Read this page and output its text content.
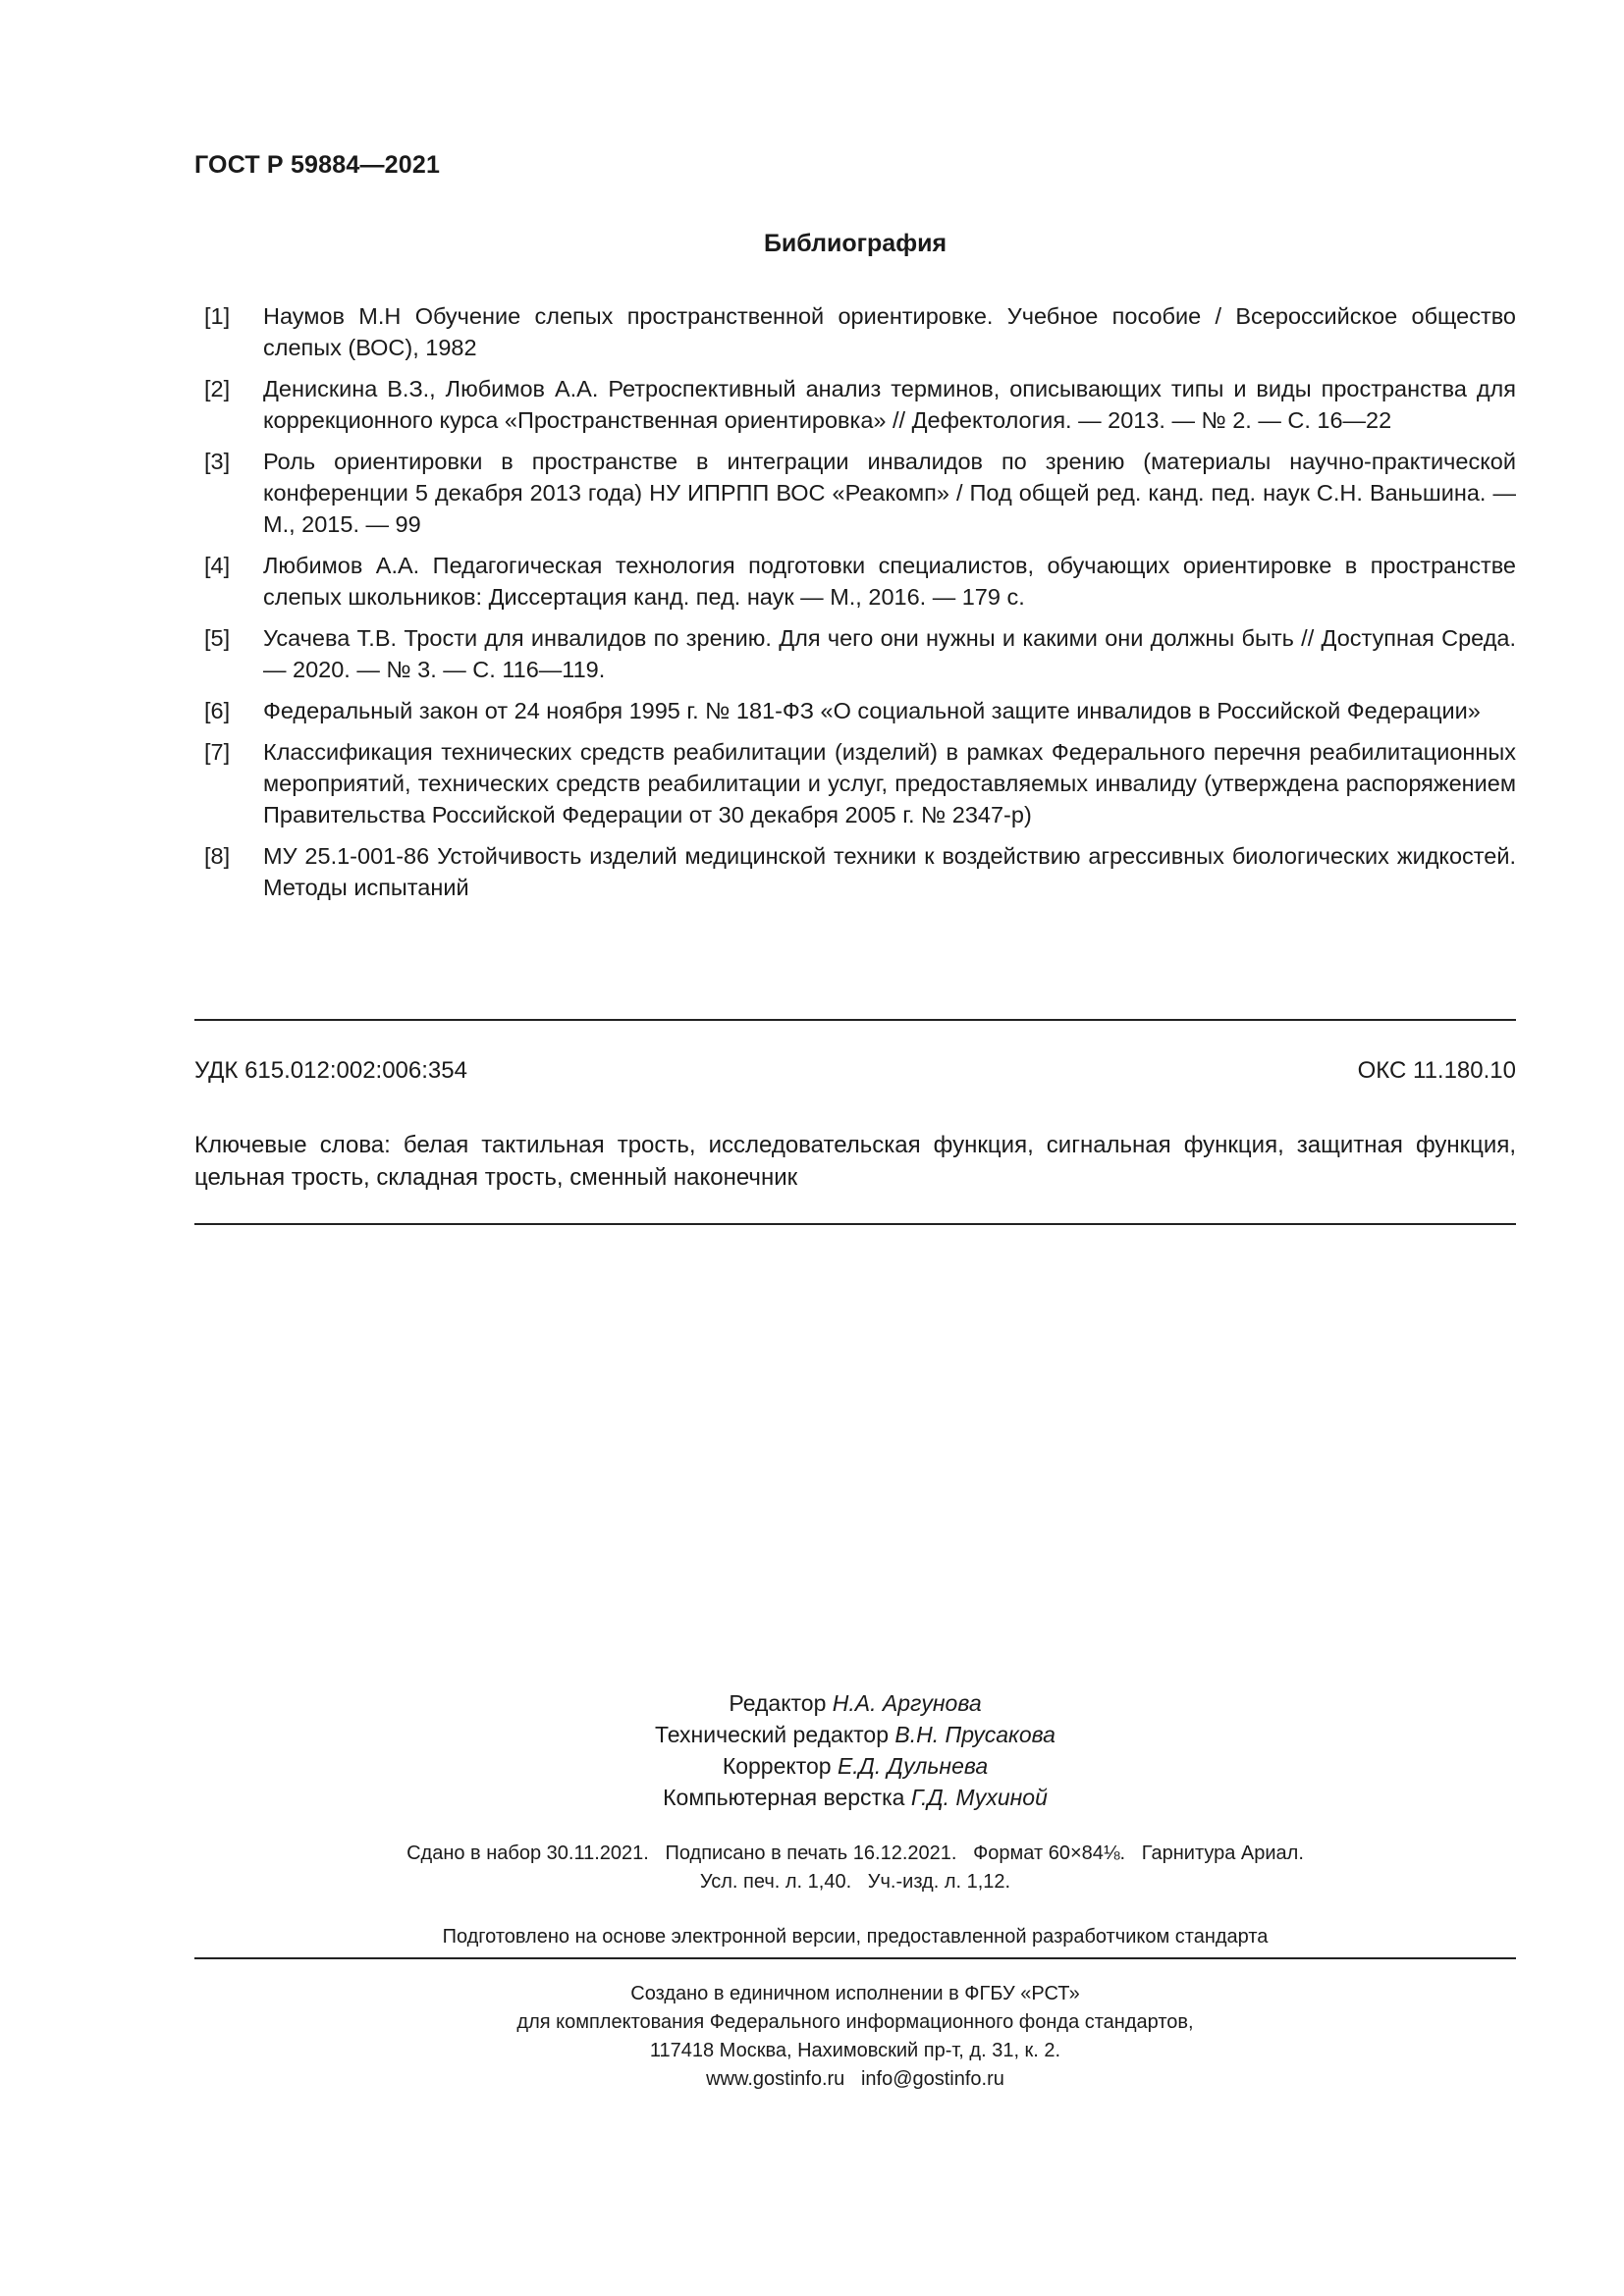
ГОСТ Р 59884—2021
Библиография
[1]	Наумов М.Н Обучение слепых пространственной ориентировке. Учебное пособие / Всероссийское общество слепых (ВОС), 1982
[2]	Денискина В.З., Любимов А.А. Ретроспективный анализ терминов, описывающих типы и виды пространства для коррекционного курса «Пространственная ориентировка» // Дефектология. — 2013. — № 2. — С. 16—22
[3]	Роль ориентировки в пространстве в интеграции инвалидов по зрению (материалы научно-практической конференции 5 декабря 2013 года) НУ ИПРПП ВОС «Реакомп» / Под общей ред. канд. пед. наук С.Н. Ваньшина. — М., 2015. — 99
[4]	Любимов А.А. Педагогическая технология подготовки специалистов, обучающих ориентировке в пространстве слепых школьников: Диссертация канд. пед. наук — М., 2016. — 179 с.
[5]	Усачева Т.В. Трости для инвалидов по зрению. Для чего они нужны и какими они должны быть // Доступная Среда. — 2020. — № 3. — С. 116—119.
[6]	Федеральный закон от 24 ноября 1995 г. № 181-ФЗ «О социальной защите инвалидов в Российской Федерации»
[7]	Классификация технических средств реабилитации (изделий) в рамках Федерального перечня реабилитационных мероприятий, технических средств реабилитации и услуг, предоставляемых инвалиду (утверждена распоряжением Правительства Российской Федерации от 30 декабря 2005 г. № 2347-р)
[8]	МУ 25.1-001-86 Устойчивость изделий медицинской техники к воздействию агрессивных биологических жидкостей. Методы испытаний
УДК 615.012:002:006:354	ОКС 11.180.10
Ключевые слова: белая тактильная трость, исследовательская функция, сигнальная функция, защитная функция, цельная трость, складная трость, сменный наконечник
Редактор Н.А. Аргунова
Технический редактор В.Н. Прусакова
Корректор Е.Д. Дульнева
Компьютерная верстка Г.Д. Мухиной
Сдано в набор 30.11.2021.   Подписано в печать 16.12.2021.   Формат 60×84⅛.   Гарнитура Ариал.
Усл. печ. л. 1,40.   Уч.-изд. л. 1,12.
Подготовлено на основе электронной версии, предоставленной разработчиком стандарта
Создано в единичном исполнении в ФГБУ «РСТ»
для комплектования Федерального информационного фонда стандартов,
117418 Москва, Нахимовский пр-т, д. 31, к. 2.
www.gostinfo.ru   info@gostinfo.ru
